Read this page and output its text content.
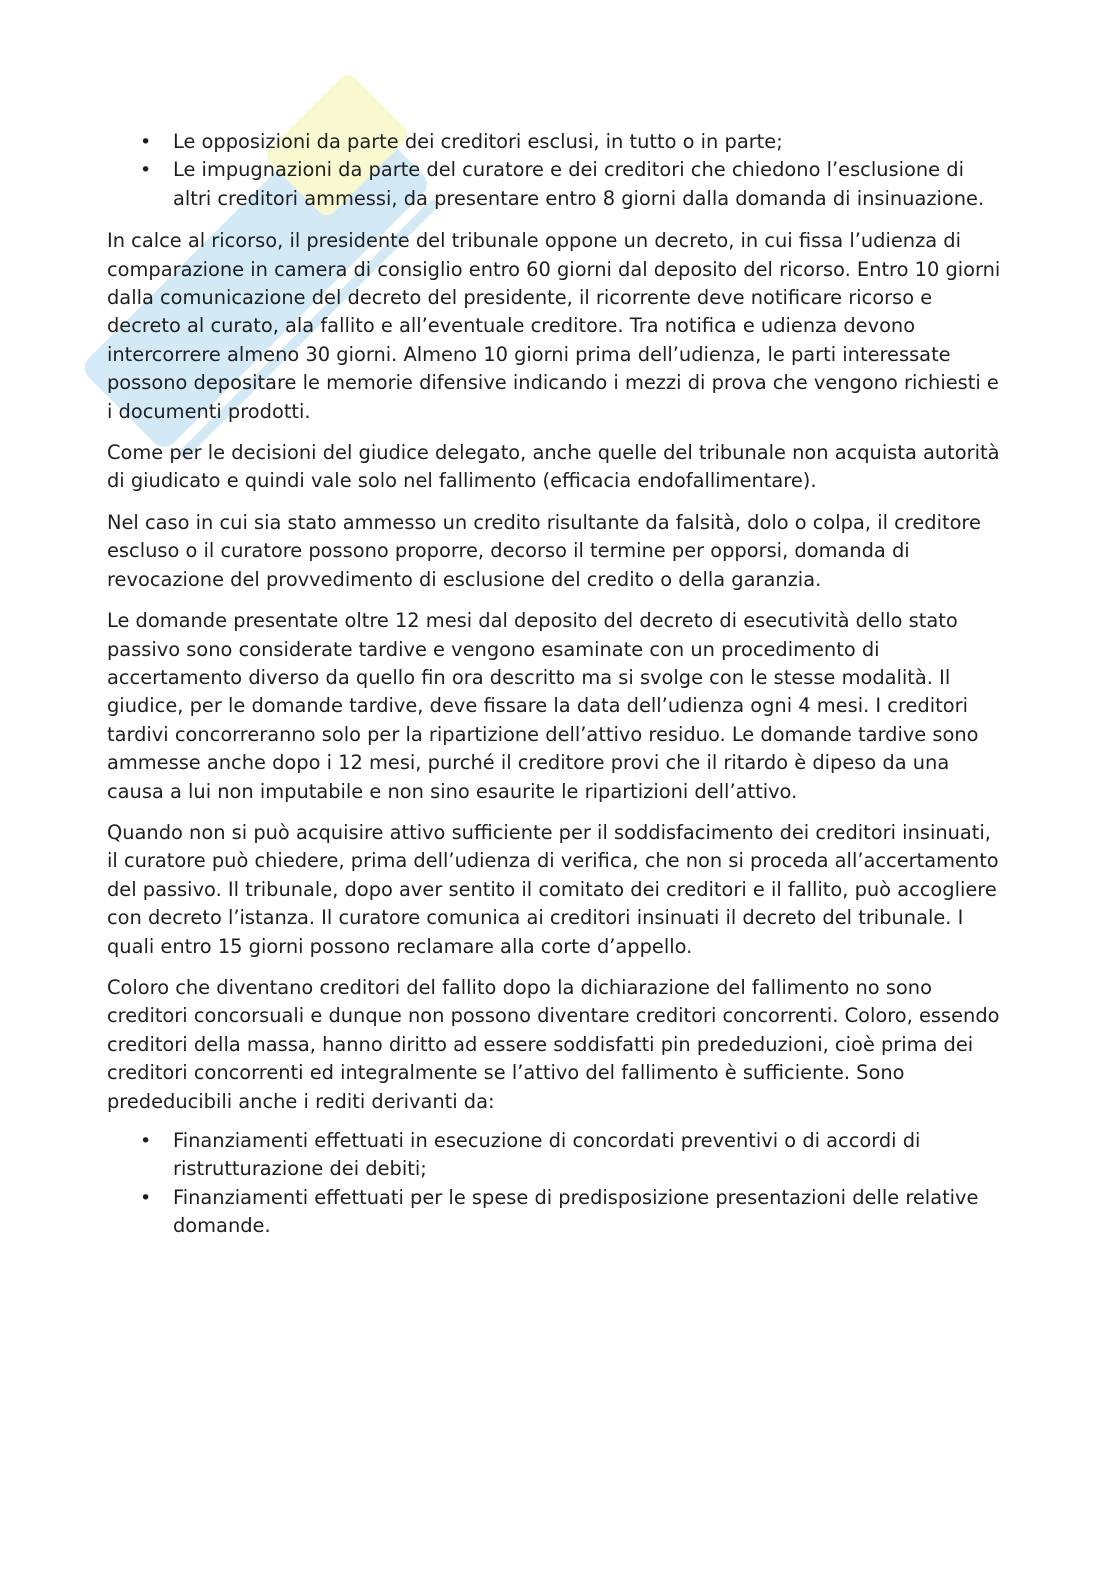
• Le opposizioni da parte dei creditori esclusi, in tutto o in parte;
• Le impugnazioni da parte del curatore e dei creditori che chiedono l’esclusione di altri creditori ammessi, da presentare entro 8 giorni dalla domanda di insinuazione.

In calce al ricorso, il presidente del tribunale oppone un decreto, in cui fissa l’udienza di comparazione in camera di consiglio entro 60 giorni dal deposito del ricorso. Entro 10 giorni dalla comunicazione del decreto del presidente, il ricorrente deve notificare ricorso e decreto al curato, ala fallito e all’eventuale creditore. Tra notifica e udienza devono intercorrere almeno 30 giorni. Almeno 10 giorni prima dell’udienza, le parti interessate possono depositare le memorie difensive indicando i mezzi di prova che vengono richiesti e i documenti prodotti.

Come per le decisioni del giudice delegato, anche quelle del tribunale non acquista autorità di giudicato e quindi vale solo nel fallimento (efficacia endofallimentare).

Nel caso in cui sia stato ammesso un credito risultante da falsità, dolo o colpa, il creditore escluso o il curatore possono proporre, decorso il termine per opporsi, domanda di revocazione del provvedimento di esclusione del credito o della garanzia.

Le domande presentate oltre 12 mesi dal deposito del decreto di esecutività dello stato passivo sono considerate tardive e vengono esaminate con un procedimento di accertamento diverso da quello fin ora descritto ma si svolge con le stesse modalità. Il giudice, per le domande tardive, deve fissare la data dell’udienza ogni 4 mesi. I creditori tardivi concorreranno solo per la ripartizione dell’attivo residuo. Le domande tardive sono ammesse anche dopo i 12 mesi, purché il creditore provi che il ritardo è dipeso da una causa a lui non imputabile e non sino esaurite le ripartizioni dell’attivo.

Quando non si può acquisire attivo sufficiente per il soddisfacimento dei creditori insinuati, il curatore può chiedere, prima dell’udienza di verifica, che non si proceda all’accertamento del passivo. Il tribunale, dopo aver sentito il comitato dei creditori e il fallito, può accogliere con decreto l’istanza. Il curatore comunica ai creditori insinuati il decreto del tribunale. I quali entro 15 giorni possono reclamare alla corte d’appello.

Coloro che diventano creditori del fallito dopo la dichiarazione del fallimento no sono creditori concorsuali e dunque non possono diventare creditori concorrenti. Coloro, essendo creditori della massa, hanno diritto ad essere soddisfatti pin prededuzioni, cioè prima dei creditori concorrenti ed integralmente se l’attivo del fallimento è sufficiente. Sono prededucibili anche i rediti derivanti da:

• Finanziamenti effettuati in esecuzione di concordati preventivi o di accordi di ristrutturazione dei debiti;
• Finanziamenti effettuati per le spese di predisposizione presentazioni delle relative domande.
